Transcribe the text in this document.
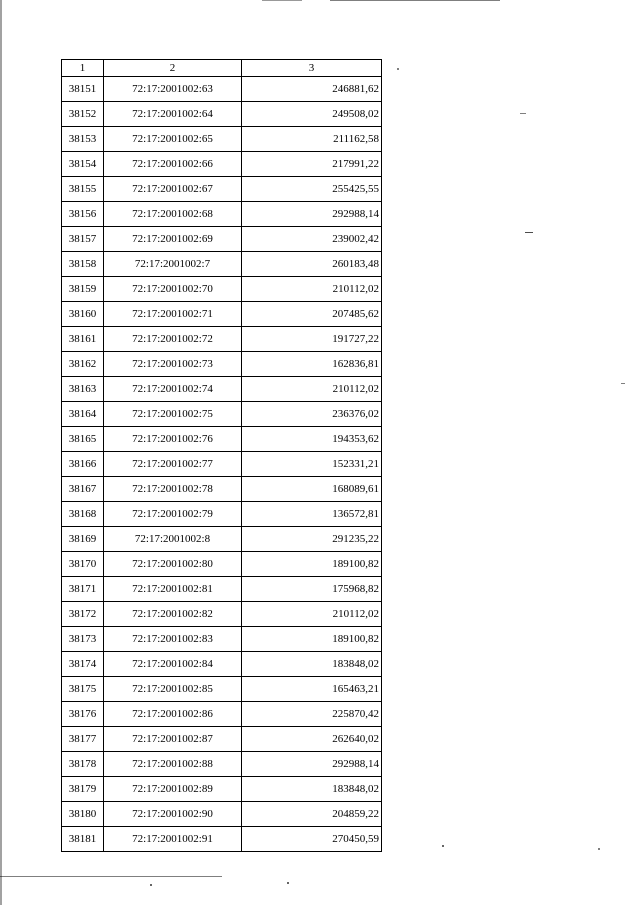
1	2	3
38151	72:17:2001002:63	246881,62
38152	72:17:2001002:64	249508,02
38153	72:17:2001002:65	211162,58
38154	72:17:2001002:66	217991,22
38155	72:17:2001002:67	255425,55
38156	72:17:2001002:68	292988,14
38157	72:17:2001002:69	239002,42
38158	72:17:2001002:7	260183,48
38159	72:17:2001002:70	210112,02
38160	72:17:2001002:71	207485,62
38161	72:17:2001002:72	191727,22
38162	72:17:2001002:73	162836,81
38163	72:17:2001002:74	210112,02
38164	72:17:2001002:75	236376,02
38165	72:17:2001002:76	194353,62
38166	72:17:2001002:77	152331,21
38167	72:17:2001002:78	168089,61
38168	72:17:2001002:79	136572,81
38169	72:17:2001002:8	291235,22
38170	72:17:2001002:80	189100,82
38171	72:17:2001002:81	175968,82
38172	72:17:2001002:82	210112,02
38173	72:17:2001002:83	189100,82
38174	72:17:2001002:84	183848,02
38175	72:17:2001002:85	165463,21
38176	72:17:2001002:86	225870,42
38177	72:17:2001002:87	262640,02
38178	72:17:2001002:88	292988,14
38179	72:17:2001002:89	183848,02
38180	72:17:2001002:90	204859,22
38181	72:17:2001002:91	270450,59
